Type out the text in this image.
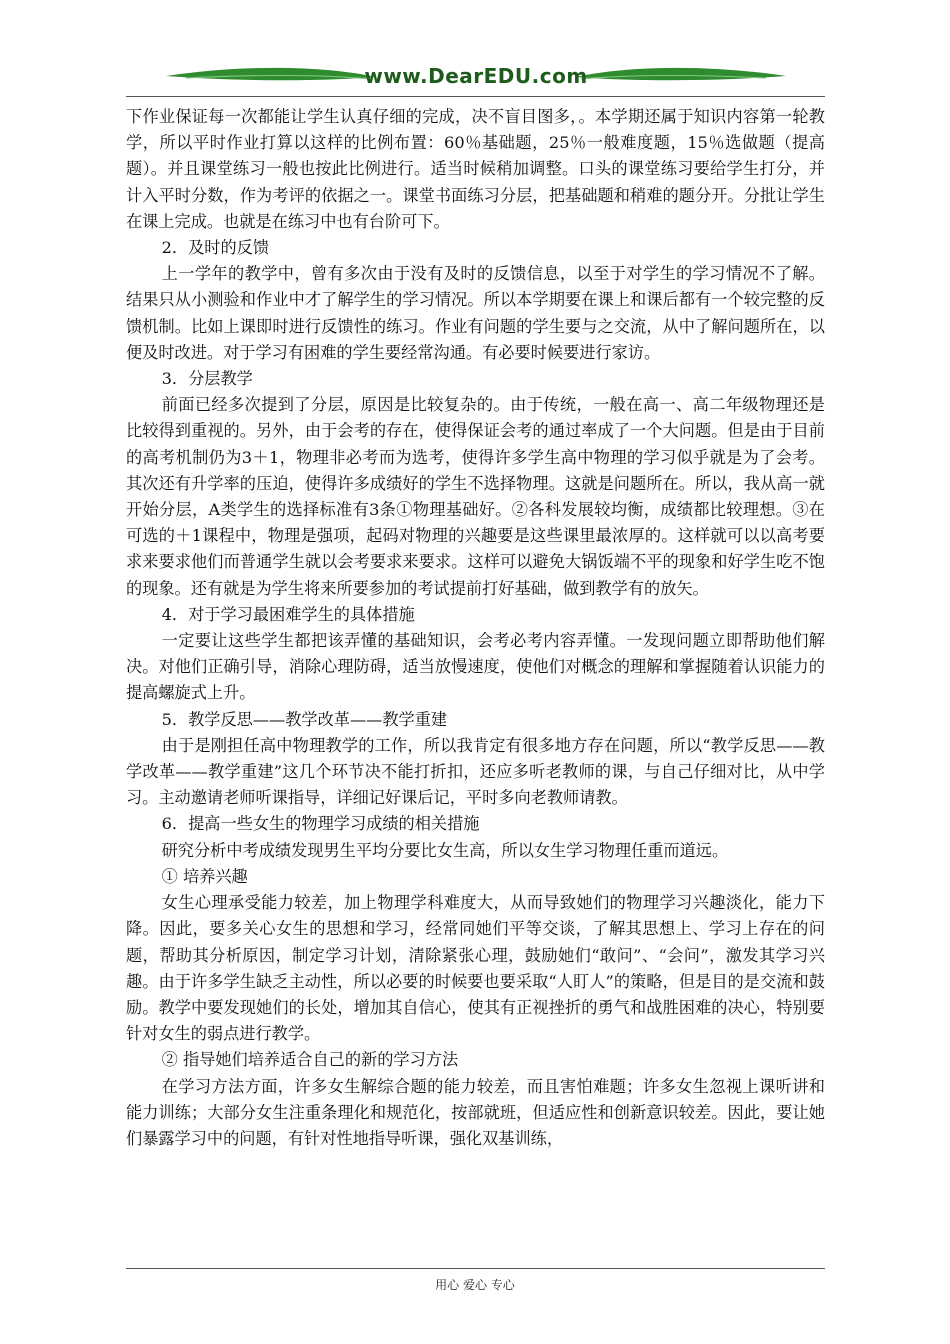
www.DearEDU.com

下作业保证每一次都能让学生认真仔细的完成，决不盲目图多，。本学期还属于知识内容第一轮教学，所以平时作业打算以这样的比例布置：60％基础题，25％一般难度题，15％选做题（提高题）。并且课堂练习一般也按此比例进行。适当时候稍加调整。口头的课堂练习要给学生打分，并计入平时分数，作为考评的依据之一。课堂书面练习分层，把基础题和稍难的题分开。分批让学生在课上完成。也就是在练习中也有台阶可下。

2．及时的反馈

上一学年的教学中，曾有多次由于没有及时的反馈信息，以至于对学生的学习情况不了解。结果只从小测验和作业中才了解学生的学习情况。所以本学期要在课上和课后都有一个较完整的反馈机制。比如上课即时进行反馈性的练习。作业有问题的学生要与之交流，从中了解问题所在，以便及时改进。对于学习有困难的学生要经常沟通。有必要时候要进行家访。

3．分层教学

前面已经多次提到了分层，原因是比较复杂的。由于传统，一般在高一、高二年级物理还是比较得到重视的。另外，由于会考的存在，使得保证会考的通过率成了一个大问题。但是由于目前的高考机制仍为3＋1，物理非必考而为选考，使得许多学生高中物理的学习似乎就是为了会考。其次还有升学率的压迫，使得许多成绩好的学生不选择物理。这就是问题所在。所以，我从高一就开始分层，A类学生的选择标准有3条①物理基础好。②各科发展较均衡，成绩都比较理想。③在可选的＋1课程中，物理是强项，起码对物理的兴趣要是这些课里最浓厚的。这样就可以以高考要求来要求他们而普通学生就以会考要求来要求。这样可以避免大锅饭端不平的现象和好学生吃不饱的现象。还有就是为学生将来所要参加的考试提前打好基础，做到教学有的放矢。

4．对于学习最困难学生的具体措施

一定要让这些学生都把该弄懂的基础知识，会考必考内容弄懂。一发现问题立即帮助他们解决。对他们正确引导，消除心理防碍，适当放慢速度，使他们对概念的理解和掌握随着认识能力的提高螺旋式上升。

5．教学反思——教学改革——教学重建

由于是刚担任高中物理教学的工作，所以我肯定有很多地方存在问题，所以“教学反思——教学改革——教学重建”这几个环节决不能打折扣，还应多听老教师的课，与自己仔细对比，从中学习。主动邀请老师听课指导，详细记好课后记，平时多向老教师请教。

6．提高一些女生的物理学习成绩的相关措施

研究分析中考成绩发现男生平均分要比女生高，所以女生学习物理任重而道远。

① 培养兴趣

女生心理承受能力较差，加上物理学科难度大，从而导致她们的物理学习兴趣淡化，能力下降。因此，要多关心女生的思想和学习，经常同她们平等交谈，了解其思想上、学习上存在的问题，帮助其分析原因，制定学习计划，清除紧张心理，鼓励她们“敢问”、“会问”，激发其学习兴趣。由于许多学生缺乏主动性，所以必要的时候要也要采取“人盯人”的策略，但是目的是交流和鼓励。教学中要发现她们的长处，增加其自信心，使其有正视挫折的勇气和战胜困难的决心，特别要针对女生的弱点进行教学。

② 指导她们培养适合自己的新的学习方法

在学习方法方面，许多女生解综合题的能力较差，而且害怕难题；许多女生忽视上课听讲和能力训练；大部分女生注重条理化和规范化，按部就班，但适应性和创新意识较差。因此，要让她们暴露学习中的问题，有针对性地指导听课，强化双基训练，

用心 爱心 专心
